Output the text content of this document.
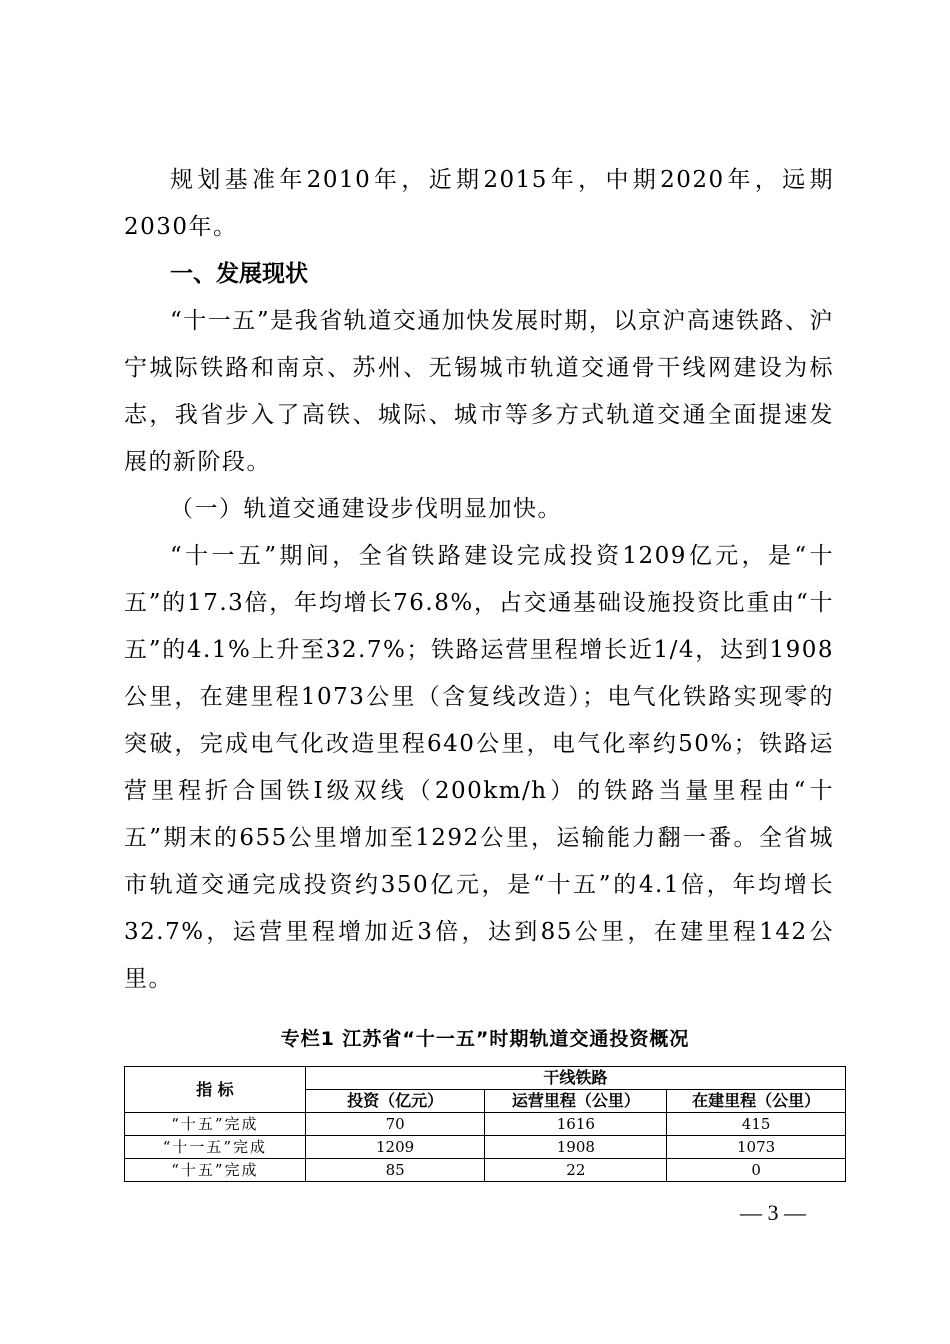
规划基准年2010年，近期2015年，中期2020年，远期2030年。

一、发展现状

“十一五”是我省轨道交通加快发展时期，以京沪高速铁路、沪宁城际铁路和南京、苏州、无锡城市轨道交通骨干线网建设为标志，我省步入了高铁、城际、城市等多方式轨道交通全面提速发展的新阶段。

（一）轨道交通建设步伐明显加快。

“十一五”期间，全省铁路建设完成投资1209亿元，是“十五”的17.3倍，年均增长76.8%，占交通基础设施投资比重由“十五”的4.1%上升至32.7%；铁路运营里程增长近1/4，达到1908公里，在建里程1073公里（含复线改造）；电气化铁路实现零的突破，完成电气化改造里程640公里，电气化率约50%；铁路运营里程折合国铁I级双线（200km/h）的铁路当量里程由“十五”期末的655公里增加至1292公里，运输能力翻一番。全省城市轨道交通完成投资约350亿元，是“十五”的4.1倍，年均增长32.7%，运营里程增加近3倍，达到85公里，在建里程142公里。

专栏1 江苏省“十一五”时期轨道交通投资概况
指 标	干线铁路		
	投资（亿元）	运营里程（公里）	在建里程（公里）
“十五”完成	70	1616	415
“十一五”完成	1209	1908	1073
“十五”完成	85	22	0
— 3 —
